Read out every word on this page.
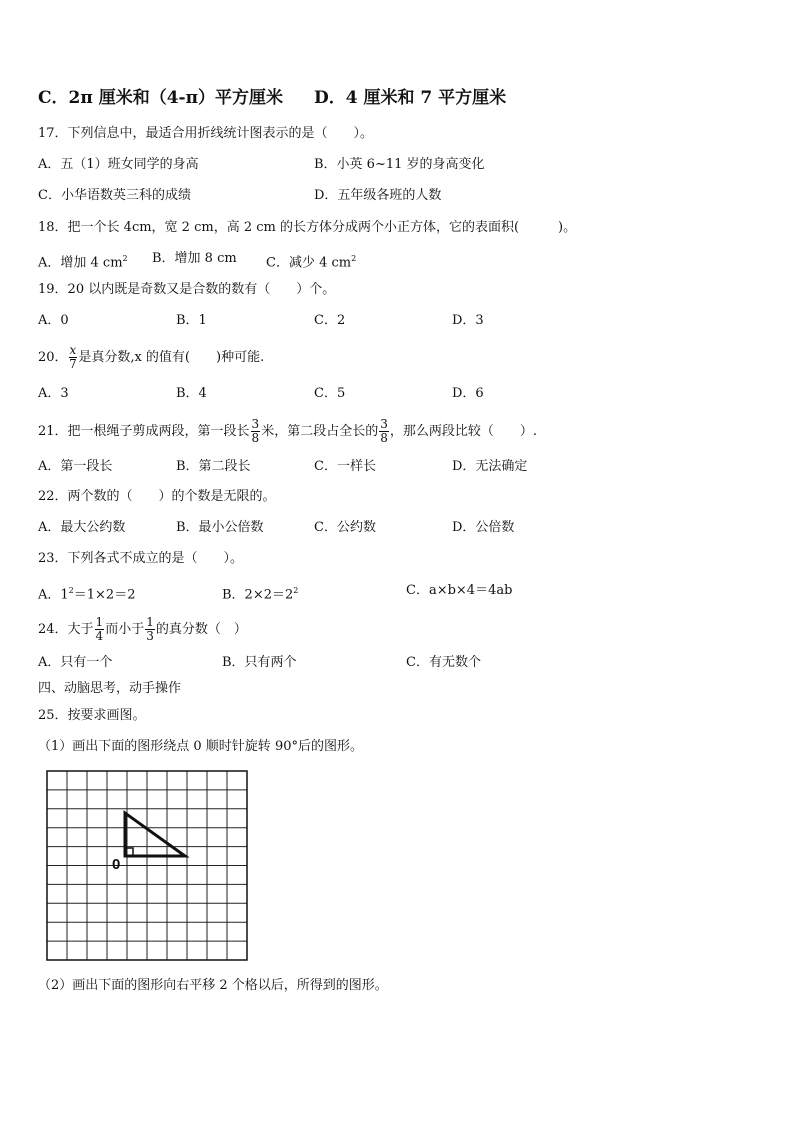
C．2π 厘米和（4-π）平方厘米 D．4 厘米和 7 平方厘米
17．下列信息中，最适合用折线统计图表示的是（　　）。
A．五（1）班女同学的身高	B．小英 6~11 岁的身高变化
C．小华语数英三科的成绩	D．五年级各班的人数
18．把一个长 4cm，宽 2 cm，高 2 cm 的长方体分成两个小正方体，它的表面积(　　　)。
A．增加 4 $cm^2$ B．增加 8 cm C．减少 4 $cm^2$
19．20 以内既是奇数又是合数的数有（　　）个。
A．0	B．1	C．2	D．3
20． $\frac{x}{7}$ 是真分数,x 的值有(　　)种可能.
A．3	B．4	C．5	D．6
21．把一根绳子剪成两段，第一段长 $\frac{3}{8}$ 米，第二段占全长的 $\frac{3}{8}$ ，那么两段比较（　　）.
A．第一段长	B．第二段长	C．一样长	D．无法确定
22．两个数的（　　）的个数是无限的。
A．最大公约数	B．最小公倍数	C．公约数	D．公倍数
23．下列各式不成立的是（　　）。
A．$1^2=1\times 2=2$	B．$2\times 2=2^2$	C．a×b×4＝4ab
24．大于 $\frac{1}{4}$ 而小于 $\frac{1}{3}$ 的真分数（　）
A．只有一个	B．只有两个	C．有无数个
四、动脑思考，动手操作
25．按要求画图。
（1）画出下面的图形绕点 0 顺时针旋转 90°后的图形。
0
（2）画出下面的图形向右平移 2 个格以后，所得到的图形。
